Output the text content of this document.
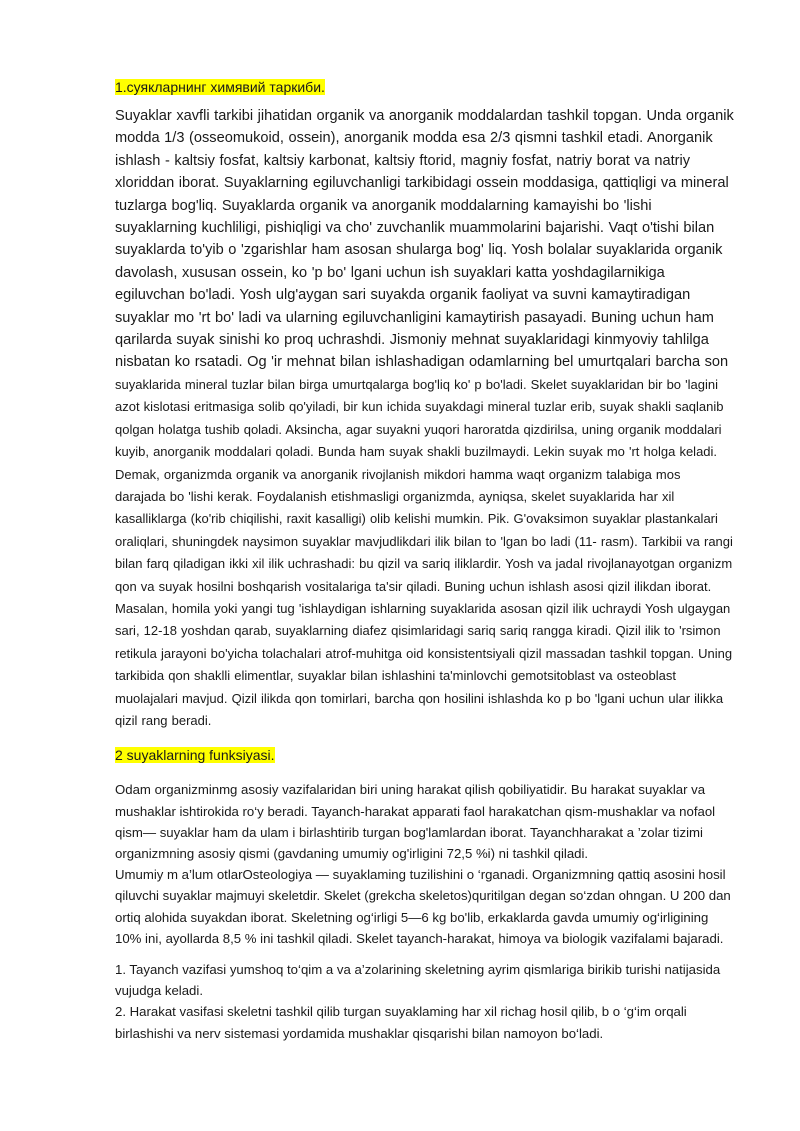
1.суякларнинг химявий таркиби.
Suyaklar xavfli tarkibi jihatidan organik va anorganik moddalardan tashkil topgan. Unda organik modda 1/3 (osseomukoid, ossein), anorganik modda esa 2/3 qismni tashkil etadi. Anorganik ishlash - kaltsiy fosfat, kaltsiy karbonat, kaltsiy ftorid, magniy fosfat, natriy borat va natriy xloriddan iborat. Suyaklarning egiluvchanligi tarkibidagi ossein moddasiga, qattiqligi va mineral tuzlarga bog'liq. Suyaklarda organik va anorganik moddalarning kamayishi bo 'lishi suyaklarning kuchliligi, pishiqligi va cho' zuvchanlik muammolarini bajarishi. Vaqt o'tishi bilan suyaklarda to'yib o 'zgarishlar ham asosan shularga bog' liq. Yosh bolalar suyaklarida organik davolash, xususan ossein, ko 'p bo' lgani uchun ish suyaklari katta yoshdagilarnikiga egiluvchan bo'ladi. Yosh ulg'aygan sari suyakda organik faoliyat va suvni kamaytiradigan suyaklar mo 'rt bo' ladi va ularning egiluvchanligini kamaytirish pasayadi. Buning uchun ham qarilarda suyak sinishi ko proq uchrashdi. Jismoniy mehnat suyaklaridagi kinmyoviy tahlilga nisbatan ko rsatadi. Og 'ir mehnat bilan ishlashadigan odamlarning bel umurtqalari barcha son suyaklarida mineral tuzlar bilan birga umurtqalarga bog'liq ko' p bo'ladi. Skelet suyaklaridan bir bo 'lagini azot kislotasi eritmasiga solib qo'yiladi, bir kun ichida suyakdagi mineral tuzlar erib, suyak shakli saqlanib qolgan holatga tushib qoladi. Aksincha, agar suyakni yuqori haroratda qizdirilsa, uning organik moddalari kuyib, anorganik moddalari qoladi. Bunda ham suyak shakli buzilmaydi. Lekin suyak mo 'rt holga keladi. Demak, organizmda organik va anorganik rivojlanish mikdori hamma waqt organizm talabiga mos darajada bo 'lishi kerak. Foydalanish etishmasligi organizmda, ayniqsa, skelet suyaklarida har xil kasalliklarga (ko'rib chiqilishi, raxit kasalligi) olib kelishi mumkin. Pik. G'ovaksimon suyaklar plastankalari oraliqlari, shuningdek naysimon suyaklar mavjudlikdari ilik bilan to 'lgan bo ladi (11- rasm). Tarkibii va rangi bilan farq qiladigan ikki xil ilik uchrashadi: bu qizil va sariq iliklardir. Yosh va jadal rivojlanayotgan organizm qon va suyak hosilni boshqarish vositalariga ta'sir qiladi. Buning uchun ishlash asosi qizil ilikdan iborat. Masalan, homila yoki yangi tug 'ishlaydigan ishlarning suyaklarida asosan qizil ilik uchraydi Yosh ulgaygan sari, 12-18 yoshdan qarab, suyaklarning diafez qisimlaridagi sariq sariq rangga kiradi. Qizil ilik to 'rsimon retikula jarayoni bo'yicha tolachalari atrof-muhitga oid konsistentsiyali qizil massadan tashkil topgan. Uning tarkibida qon shaklli elimentlar, suyaklar bilan ishlashini ta'minlovchi gemotsitoblast va osteoblast muolajalari mavjud. Qizil ilikda qon tomirlari, barcha qon hosilini ishlashda ko p bo 'lgani uchun ular ilikka qizil rang beradi.
2 suyaklarning funksiyasi.
Odam organizminmg asosiy vazifalaridan biri uning harakat qilish qobiliyatidir. Bu harakat suyaklar va mushaklar ishtirokida ro‘y beradi. Tayanch-harakat apparati faol harakatchan qism-mushaklar va nofaol qism— suyaklar ham da ulam i birlashtirib turgan bog'lamlardan iborat. Tayanchharakat a ’zolar tizimi organizmning asosiy qismi (gavdaning umumiy og'irligini 72,5 %i) ni tashkil qiladi.
Umumiy m a’lum otlarOsteologiya — suyaklaming tuzilishini o ‘rganadi. Organizmning qattiq asosini hosil qiluvchi suyaklar majmuyi skeletdir. Skelet (grekcha skeletos)quritilgan degan so‘zdan ohngan. U 200 dan ortiq alohida suyakdan iborat. Skeletning og‘irligi 5—6 kg bo'lib, erkaklarda gavda umumiy og‘irligining 10% ini, ayollarda 8,5 % ini tashkil qiladi. Skelet tayanch-harakat, himoya va biologik vazifalami bajaradi.
1. Tayanch vazifasi yumshoq to‘qim a va a’zolarining skeletning ayrim qismlariga birikib turishi natijasida vujudga keladi.
2. Harakat vasifasi skeletni tashkil qilib turgan suyaklaming har xil richag hosil qilib, b o ‘g‘im orqali birlashishi va nerv sistemasi yordamida mushaklar qisqarishi bilan namoyon bo‘ladi.
